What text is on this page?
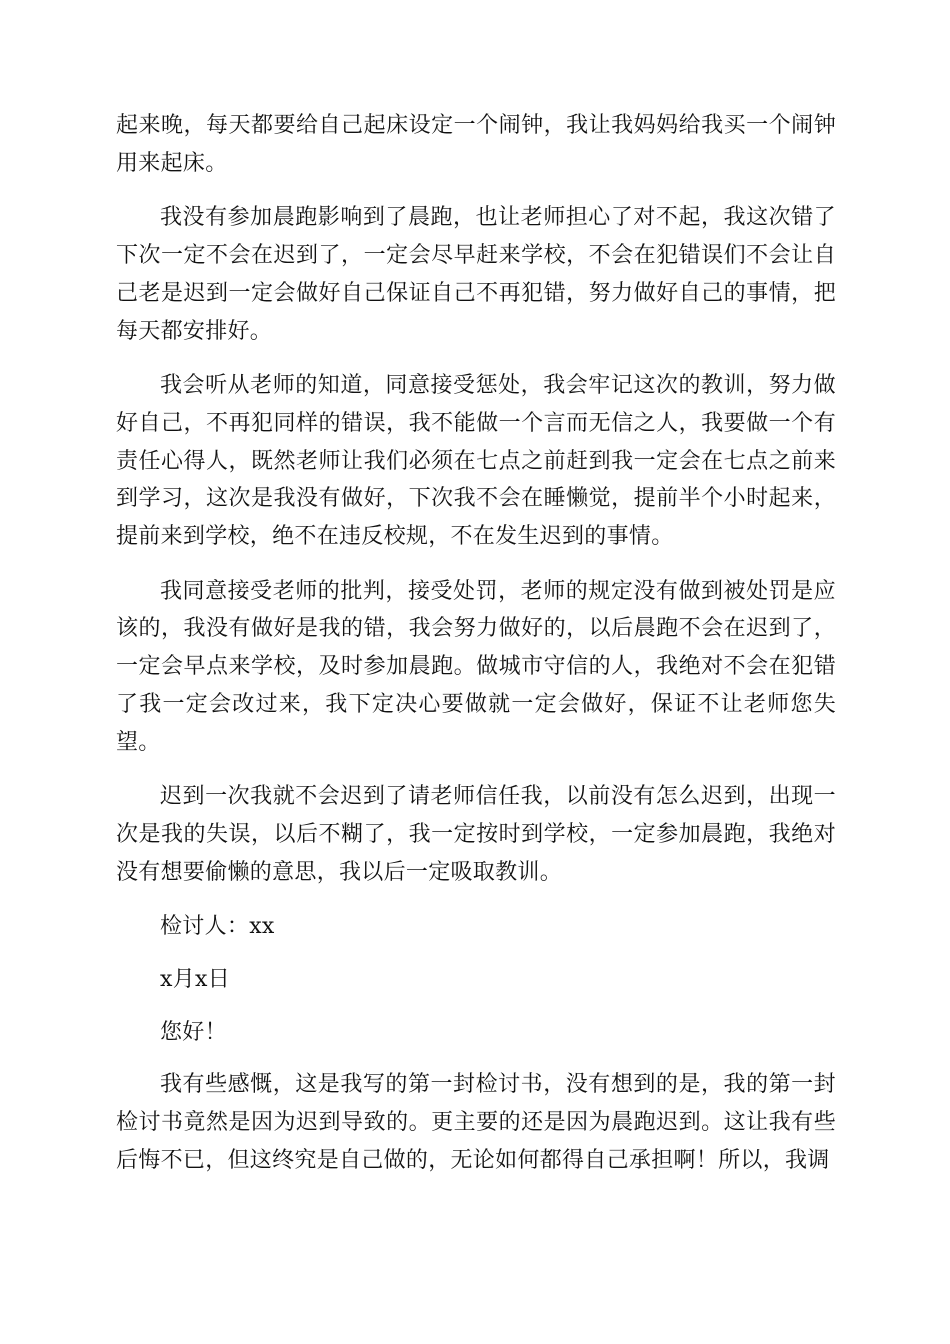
起来晚，每天都要给自己起床设定一个闹钟，我让我妈妈给我买一个闹钟用来起床。

我没有参加晨跑影响到了晨跑，也让老师担心了对不起，我这次错了下次一定不会在迟到了，一定会尽早赶来学校，不会在犯错误们不会让自己老是迟到一定会做好自己保证自己不再犯错，努力做好自己的事情，把每天都安排好。

我会听从老师的知道，同意接受惩处，我会牢记这次的教训，努力做好自己，不再犯同样的错误，我不能做一个言而无信之人，我要做一个有责任心得人，既然老师让我们必须在七点之前赶到我一定会在七点之前来到学习，这次是我没有做好，下次我不会在睡懒觉，提前半个小时起来，提前来到学校，绝不在违反校规，不在发生迟到的事情。

我同意接受老师的批判，接受处罚，老师的规定没有做到被处罚是应该的，我没有做好是我的错，我会努力做好的，以后晨跑不会在迟到了，一定会早点来学校，及时参加晨跑。做城市守信的人，我绝对不会在犯错了我一定会改过来，我下定决心要做就一定会做好，保证不让老师您失望。

迟到一次我就不会迟到了请老师信任我，以前没有怎么迟到，出现一次是我的失误，以后不糊了，我一定按时到学校，一定参加晨跑，我绝对没有想要偷懒的意思，我以后一定吸取教训。

检讨人：xx

x月x日

您好！

我有些感慨，这是我写的第一封检讨书，没有想到的是，我的第一封检讨书竟然是因为迟到导致的。更主要的还是因为晨跑迟到。这让我有些后悔不已，但这终究是自己做的，无论如何都得自己承担啊！所以，我调
